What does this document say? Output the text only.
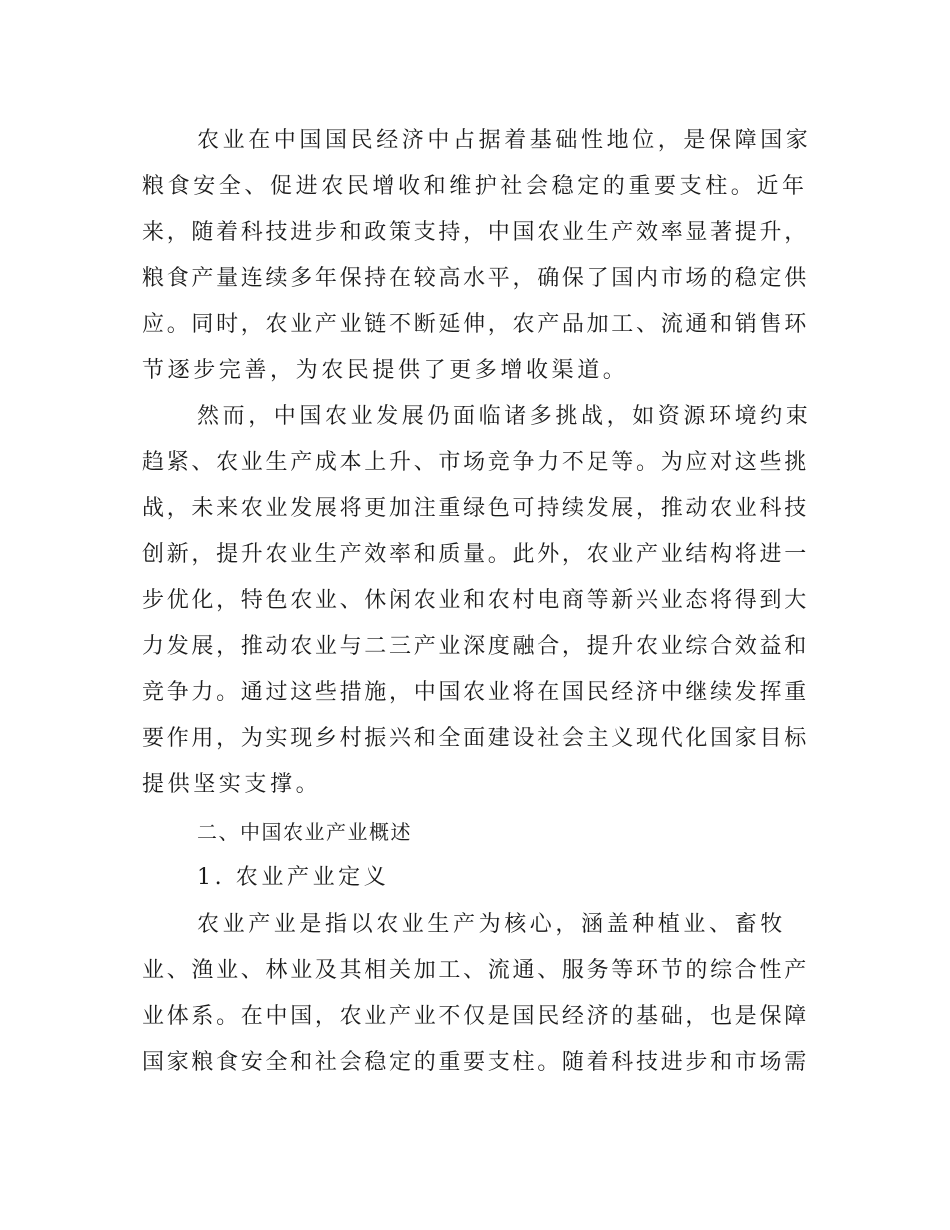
农业在中国国民经济中占据着基础性地位，是保障国家
粮食安全、促进农民增收和维护社会稳定的重要支柱。近年
来，随着科技进步和政策支持，中国农业生产效率显著提升，
粮食产量连续多年保持在较高水平，确保了国内市场的稳定供
应。同时，农业产业链不断延伸，农产品加工、流通和销售环
节逐步完善，为农民提供了更多增收渠道。
然而，中国农业发展仍面临诸多挑战，如资源环境约束
趋紧、农业生产成本上升、市场竞争力不足等。为应对这些挑
战，未来农业发展将更加注重绿色可持续发展，推动农业科技
创新，提升农业生产效率和质量。此外，农业产业结构将进一
步优化，特色农业、休闲农业和农村电商等新兴业态将得到大
力发展，推动农业与二三产业深度融合，提升农业综合效益和
竞争力。通过这些措施，中国农业将在国民经济中继续发挥重
要作用，为实现乡村振兴和全面建设社会主义现代化国家目标
提供坚实支撑。
二、中国农业产业概述
1. 农业产业定义
农业产业是指以农业生产为核心，涵盖种植业、畜牧
业、渔业、林业及其相关加工、流通、服务等环节的综合性产
业体系。在中国，农业产业不仅是国民经济的基础，也是保障
国家粮食安全和社会稳定的重要支柱。随着科技进步和市场需
